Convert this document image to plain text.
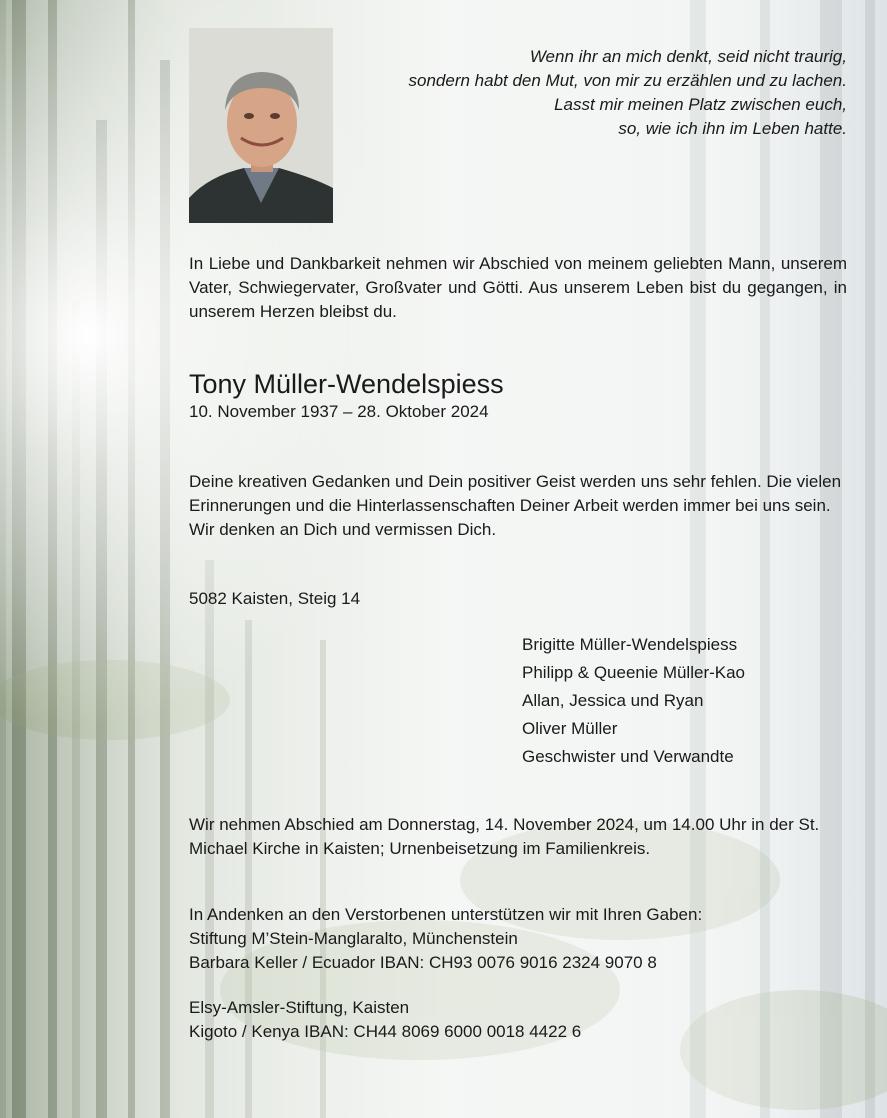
Wenn ihr an mich denkt, seid nicht traurig,
sondern habt den Mut, von mir zu erzählen und zu lachen.
Lasst mir meinen Platz zwischen euch,
so, wie ich ihn im Leben hatte.
In Liebe und Dankbarkeit nehmen wir Abschied von meinem geliebten Mann, unserem Vater, Schwiegervater, Großvater und Götti. Aus unserem Leben bist du gegangen, in unserem Herzen bleibst du.
Tony Müller-Wendelspiess
10. November 1937 – 28. Oktober 2024
Deine kreativen Gedanken und Dein positiver Geist werden uns sehr fehlen. Die vielen Erinnerungen und die Hinterlassenschaften Deiner Arbeit werden immer bei uns sein. Wir denken an Dich und vermissen Dich.
5082 Kaisten, Steig 14
Brigitte Müller-Wendelspiess
Philipp & Queenie Müller-Kao
Allan, Jessica und Ryan
Oliver Müller
Geschwister und Verwandte
Wir nehmen Abschied am Donnerstag, 14. November 2024, um 14.00 Uhr in der St. Michael Kirche in Kaisten; Urnenbeisetzung im Familienkreis.
In Andenken an den Verstorbenen unterstützen wir mit Ihren Gaben:
Stiftung M’Stein-Manglaralto, Münchenstein
Barbara Keller / Ecuador IBAN: CH93 0076 9016 2324 9070 8
Elsy-Amsler-Stiftung, Kaisten
Kigoto / Kenya IBAN: CH44 8069 6000 0018 4422 6
